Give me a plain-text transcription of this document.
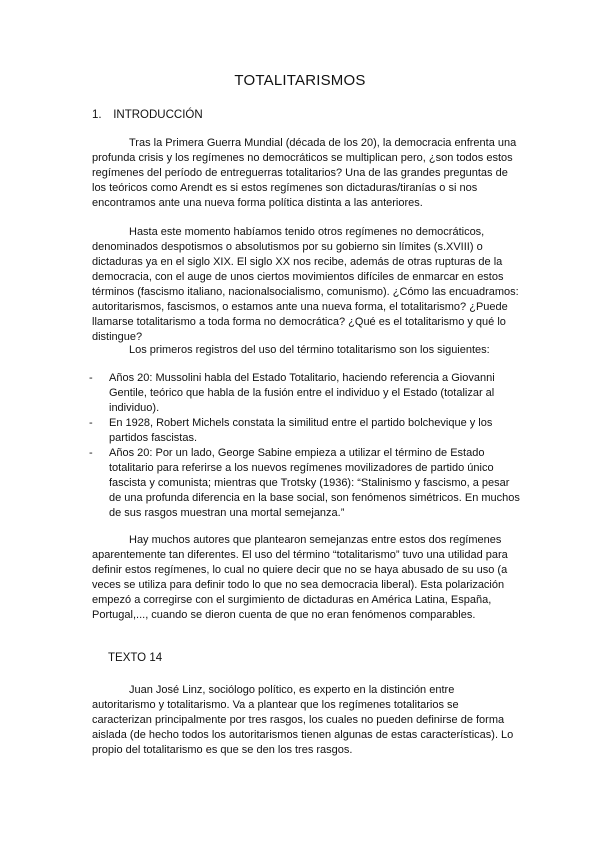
TOTALITARISMOS
1. INTRODUCCIÓN

Tras la Primera Guerra Mundial (década de los 20), la democracia enfrenta una profunda crisis y los regímenes no democráticos se multiplican pero, ¿son todos estos regímenes del período de entreguerras totalitarios? Una de las grandes preguntas de los teóricos como Arendt es si estos regímenes son dictaduras/tiranías o si nos encontramos ante una nueva forma política distinta a las anteriores.

Hasta este momento habíamos tenido otros regímenes no democráticos, denominados despotismos o absolutismos por su gobierno sin límites (s.XVIII) o dictaduras ya en el siglo XIX. El siglo XX nos recibe, además de otras rupturas de la democracia, con el auge de unos ciertos movimientos difíciles de enmarcar en estos términos (fascismo italiano, nacionalsocialismo, comunismo). ¿Cómo las encuadramos: autoritarismos, fascismos, o estamos ante una nueva forma, el totalitarismo? ¿Puede llamarse totalitarismo a toda forma no democrática? ¿Qué es el totalitarismo y qué lo distingue?

Los primeros registros del uso del término totalitarismo son los siguientes:

- Años 20: Mussolini habla del Estado Totalitario, haciendo referencia a Giovanni Gentile, teórico que habla de la fusión entre el individuo y el Estado (totalizar al individuo).
- En 1928, Robert Michels constata la similitud entre el partido bolchevique y los partidos fascistas.
- Años 20: Por un lado, George Sabine empieza a utilizar el término de Estado totalitario para referirse a los nuevos regímenes movilizadores de partido único fascista y comunista; mientras que Trotsky (1936): “Stalinismo y fascismo, a pesar de una profunda diferencia en la base social, son fenómenos simétricos. En muchos de sus rasgos muestran una mortal semejanza.”

Hay muchos autores que plantearon semejanzas entre estos dos regímenes aparentemente tan diferentes. El uso del término “totalitarismo” tuvo una utilidad para definir estos regímenes, lo cual no quiere decir que no se haya abusado de su uso (a veces se utiliza para definir todo lo que no sea democracia liberal). Esta polarización empezó a corregirse con el surgimiento de dictaduras en América Latina, España, Portugal,..., cuando se dieron cuenta de que no eran fenómenos comparables.

TEXTO 14

Juan José Linz, sociólogo político, es experto en la distinción entre autoritarismo y totalitarismo. Va a plantear que los regímenes totalitarios se caracterizan principalmente por tres rasgos, los cuales no pueden definirse de forma aislada (de hecho todos los autoritarismos tienen algunas de estas características). Lo propio del totalitarismo es que se den los tres rasgos.
